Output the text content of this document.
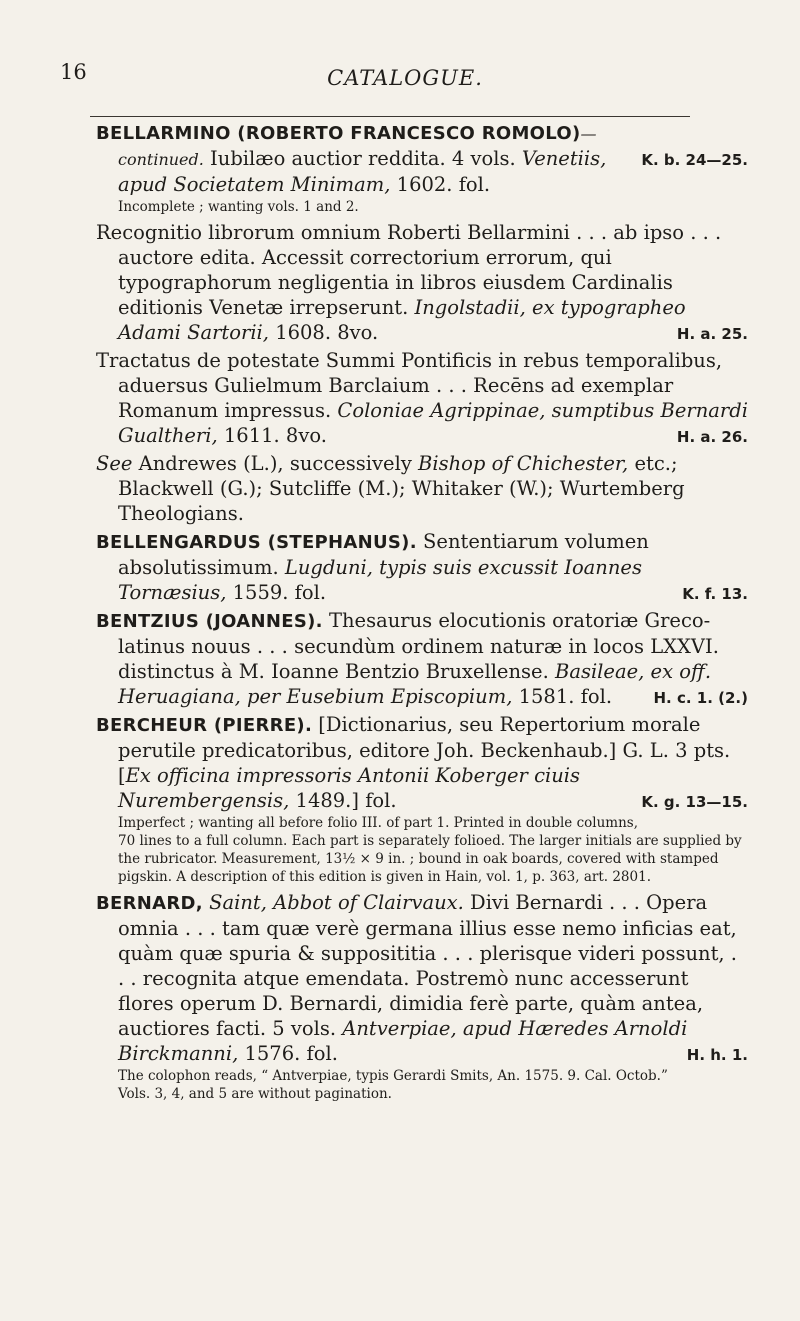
16	CATALOGUE.

K. b. 24—25.
BELLARMINO (ROBERTO FRANCESCO ROMOLO)—continued. Iubilæo auctior reddita. 4 vols. Venetiis, apud Societatem Minimam, 1602. fol.

Incomplete ; wanting vols. 1 and 2.

Recognitio librorum omnium Roberti Bellarmini . . . ab ipso . . . auctore edita. Accessit correctorium errorum, qui typographorum negligentia in libros eiusdem Cardinalis editionis Venetæ irrepserunt. Ingolstadii, ex typographeo Adami Sartorii, 1608. 8vo.	H. a. 25.

Tractatus de potestate Summi Pontificis in rebus temporalibus, aduersus Gulielmum Barclaium . . . Recēns ad exemplar Romanum impressus. Coloniae Agrippinae, sumptibus Bernardi Gualtheri, 1611. 8vo.	H. a. 26.

See Andrewes (L.), successively Bishop of Chichester, etc.; Blackwell (G.); Sutcliffe (M.); Whitaker (W.); Wurtemberg Theologians.

BELLENGARDUS (STEPHANUS). Sententiarum volumen absolutissimum. Lugduni, typis suis excussit Ioannes Tornæsius, 1559. fol.	K. f. 13.

BENTZIUS (JOANNES). Thesaurus elocutionis oratoriæ Greco-latinus nouus . . . secundùm ordinem naturæ in locos LXXVI. distinctus à M. Ioanne Bentzio Bruxellense. Basileae, ex off. Heruagiana, per Eusebium Episcopium, 1581. fol.	H. c. 1. (2.)

BERCHEUR (PIERRE). [Dictionarius, seu Repertorium morale perutile predicatoribus, editore Joh. Beckenhaub.] G. L. 3 pts. [Ex officina impressoris Antonii Koberger ciuis Nurembergensis, 1489.] fol.	K. g. 13—15.

Imperfect ; wanting all before folio III. of part 1. Printed in double columns, 70 lines to a full column. Each part is separately folioed. The larger initials are supplied by the rubricator. Measurement, 13½ × 9 in. ; bound in oak boards, covered with stamped pigskin. A description of this edition is given in Hain, vol. 1, p. 363, art. 2801.

BERNARD, Saint, Abbot of Clairvaux. Divi Bernardi . . . Opera omnia . . . tam quæ verè germana illius esse nemo inficias eat, quàm quæ spuria & supposititia . . . plerisque videri possunt, . . . recognita atque emendata. Postremò nunc accesserunt flores operum D. Bernardi, dimidia ferè parte, quàm antea, auctiores facti. 5 vols. Antverpiae, apud Hæredes Arnoldi Birckmanni, 1576. fol.	H. h. 1.

The colophon reads, “ Antverpiae, typis Gerardi Smits, An. 1575. 9. Cal. Octob.” Vols. 3, 4, and 5 are without pagination.
